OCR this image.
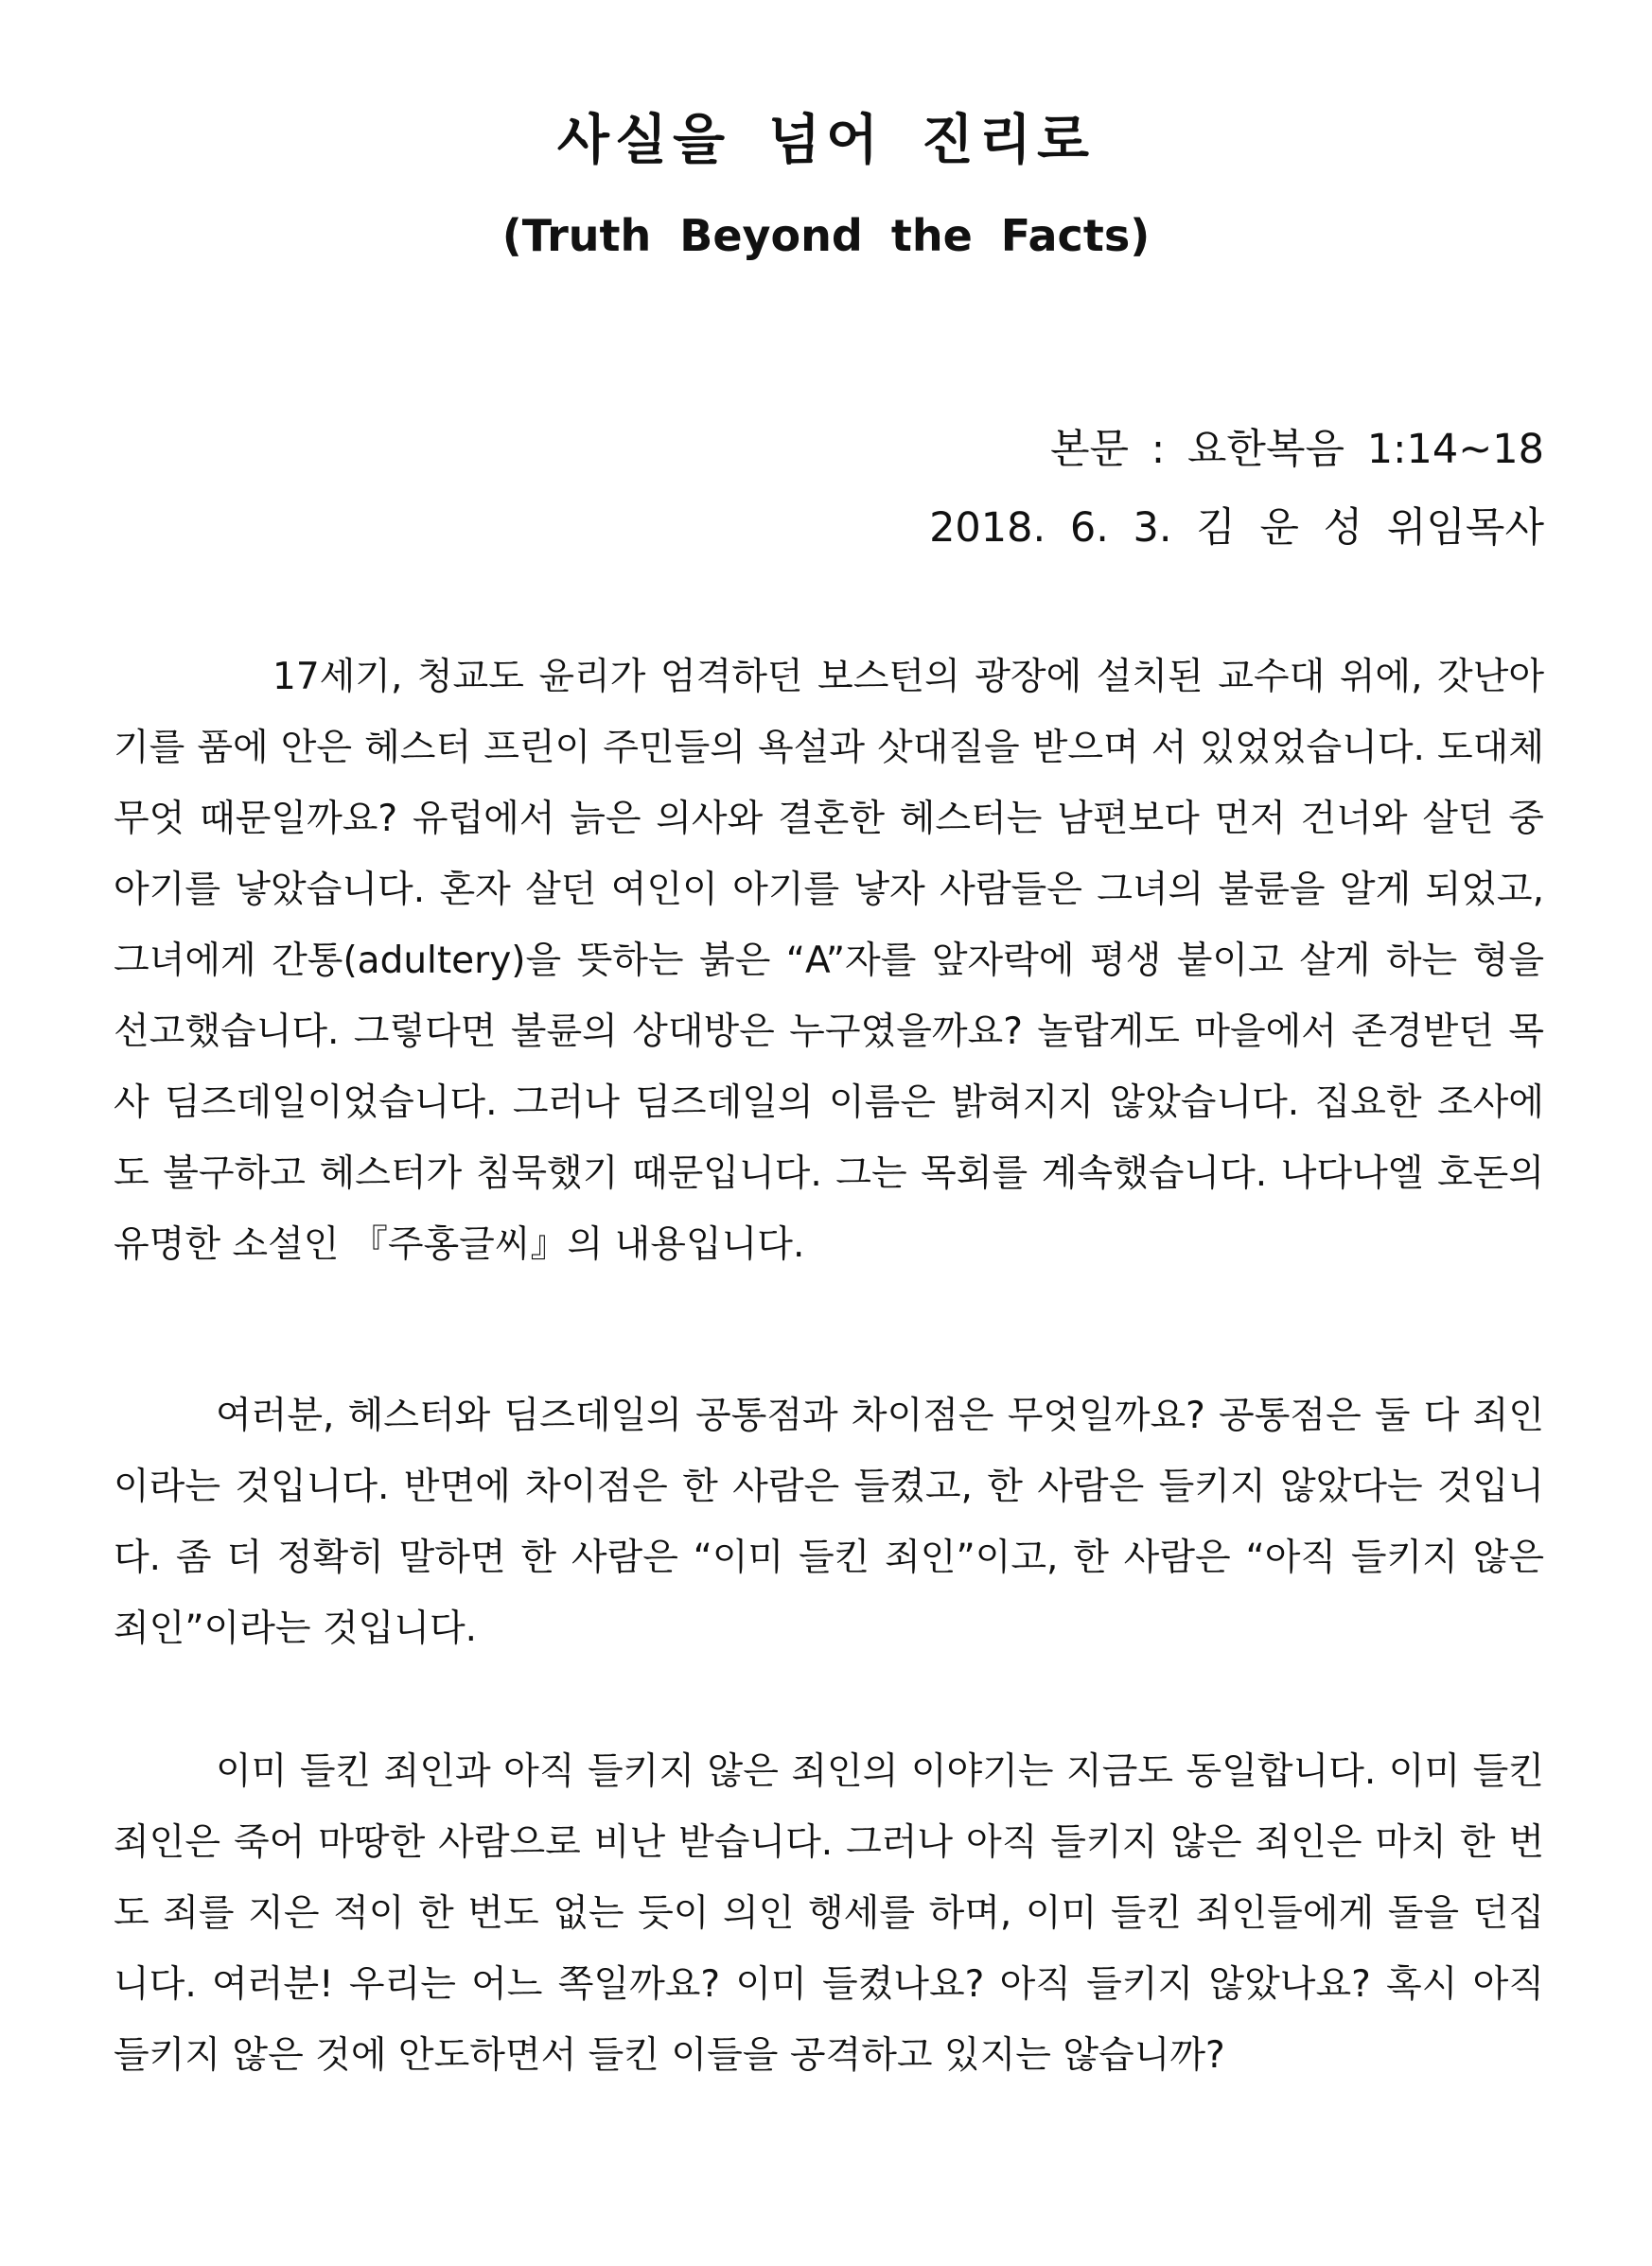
사실을 넘어 진리로
(Truth Beyond the Facts)

본문 : 요한복음 1:14~18

2018. 6. 3. 김 운 성 위임목사

17세기, 청교도 윤리가 엄격하던 보스턴의 광장에 설치된 교수대 위에, 갓난아기를 품에 안은 헤스터 프린이 주민들의 욕설과 삿대질을 받으며 서 있었었습니다. 도대체 무엇 때문일까요? 유럽에서 늙은 의사와 결혼한 헤스터는 남편보다 먼저 건너와 살던 중 아기를 낳았습니다. 혼자 살던 여인이 아기를 낳자 사람들은 그녀의 불륜을 알게 되었고, 그녀에게 간통(adultery)을 뜻하는 붉은 “A”자를 앞자락에 평생 붙이고 살게 하는 형을 선고했습니다. 그렇다면 불륜의 상대방은 누구였을까요? 놀랍게도 마을에서 존경받던 목사 딤즈데일이었습니다. 그러나 딤즈데일의 이름은 밝혀지지 않았습니다. 집요한 조사에도 불구하고 헤스터가 침묵했기 때문입니다. 그는 목회를 계속했습니다. 나다나엘 호돈의 유명한 소설인 『주홍글씨』의 내용입니다.

여러분, 헤스터와 딤즈데일의 공통점과 차이점은 무엇일까요? 공통점은 둘 다 죄인이라는 것입니다. 반면에 차이점은 한 사람은 들켰고, 한 사람은 들키지 않았다는 것입니다. 좀 더 정확히 말하면 한 사람은 “이미 들킨 죄인”이고, 한 사람은 “아직 들키지 않은 죄인”이라는 것입니다.

이미 들킨 죄인과 아직 들키지 않은 죄인의 이야기는 지금도 동일합니다. 이미 들킨 죄인은 죽어 마땅한 사람으로 비난 받습니다. 그러나 아직 들키지 않은 죄인은 마치 한 번도 죄를 지은 적이 한 번도 없는 듯이 의인 행세를 하며, 이미 들킨 죄인들에게 돌을 던집니다. 여러분! 우리는 어느 쪽일까요? 이미 들켰나요? 아직 들키지 않았나요? 혹시 아직 들키지 않은 것에 안도하면서 들킨 이들을 공격하고 있지는 않습니까?
